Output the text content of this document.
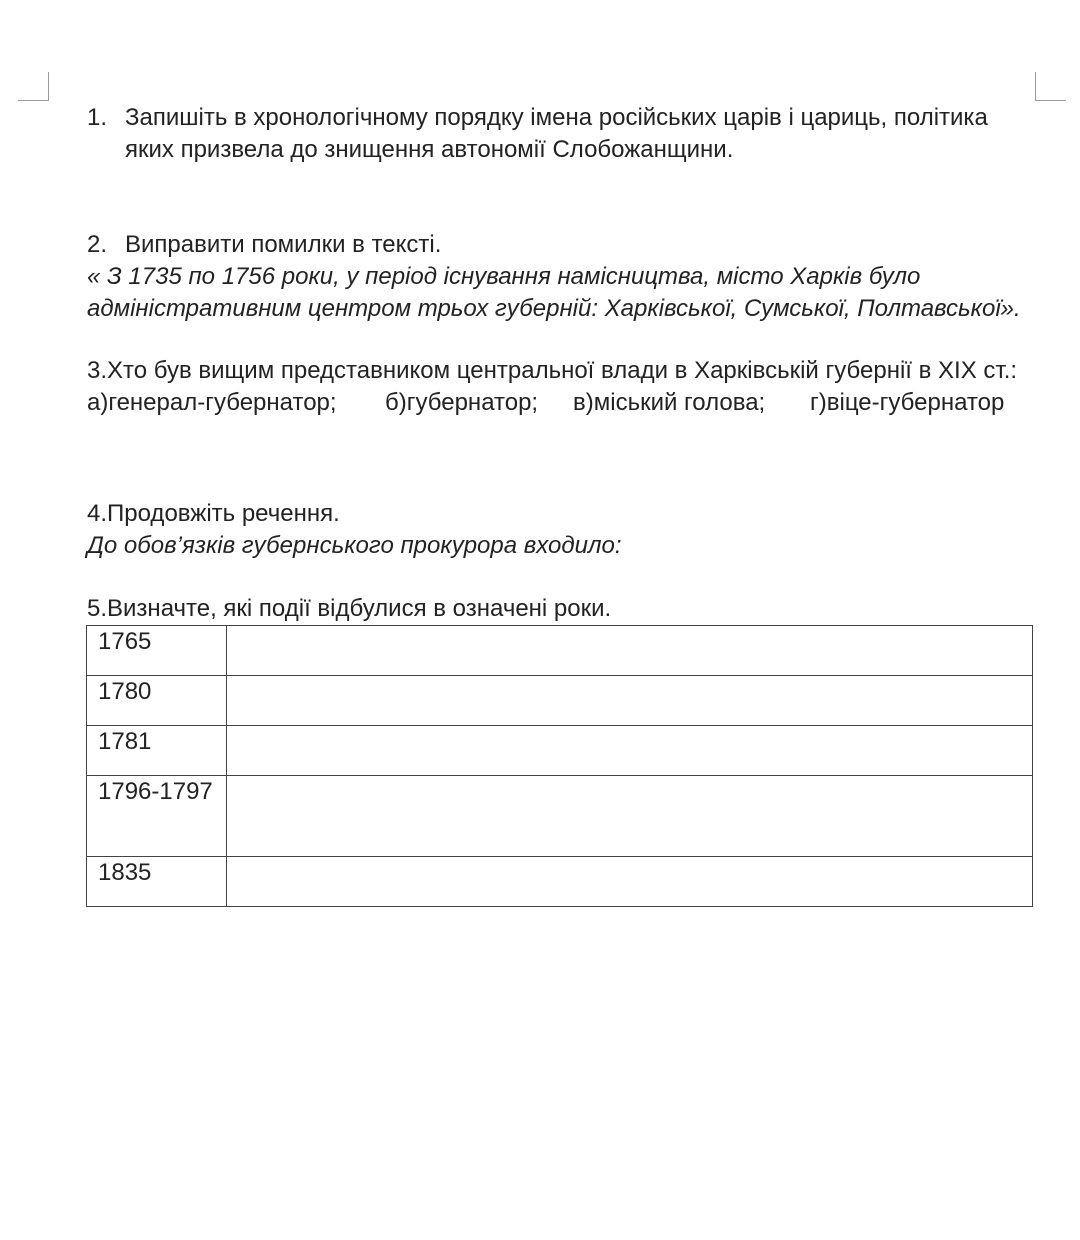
1. Запишіть в хронологічному порядку імена російських царів і цариць, політика яких призвела до знищення автономії Слобожанщини.
2. Виправити помилки в тексті.
« З 1735 по 1756 роки, у період існування намісництва, місто Харків було адміністративним центром трьох губерній: Харківської, Сумської, Полтавської».
3.Хто був вищим представником центральної влади в Харківській губернії в XIX ст.:
а)генерал-губернатор;	б)губернатор;	в)міський голова;	г)віце-губернатор
4.Продовжіть речення.
До обов’язків губернського прокурора входило:
5.Визначте, які події відбулися в означені роки.
1765	
1780	
1781	
1796-1797	
1835	
